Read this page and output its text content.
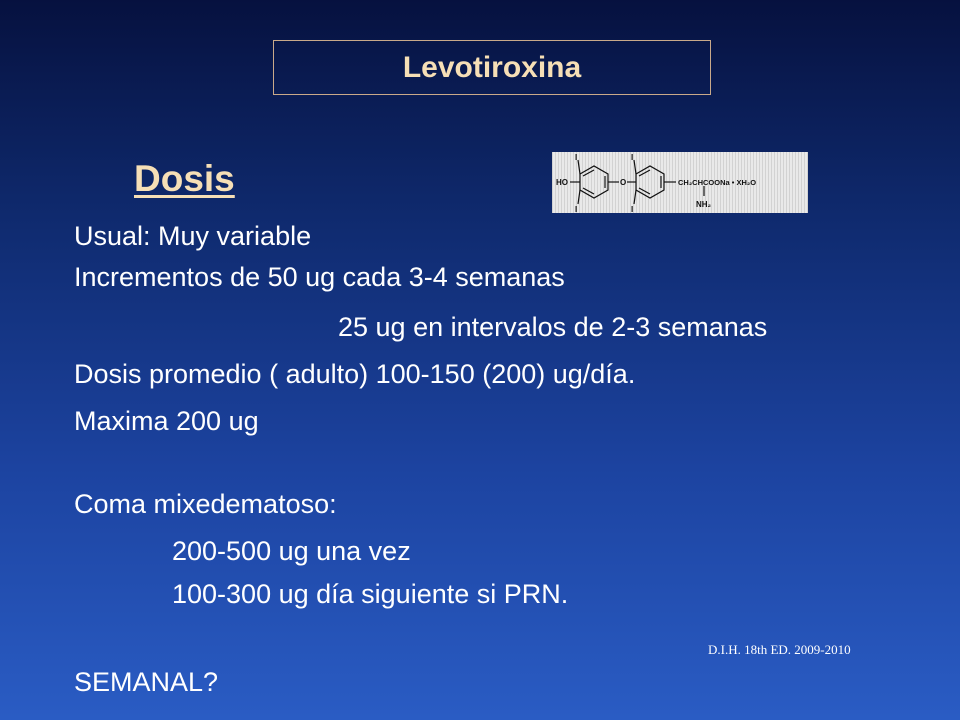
Levotiroxina
Dosis	HO	O
I
I
I
I
CH₂CHCOONa • XH₂O
NH₂
Usual: Muy variable
Incrementos de 50 ug cada 3-4 semanas
25 ug en intervalos de 2-3 semanas
Dosis promedio ( adulto) 100-150 (200) ug/día.
Maxima 200 ug
Coma mixedematoso:
200-500 ug una vez
100-300 ug día siguiente si PRN.
D.I.H. 18th ED. 2009-2010
SEMANAL?
